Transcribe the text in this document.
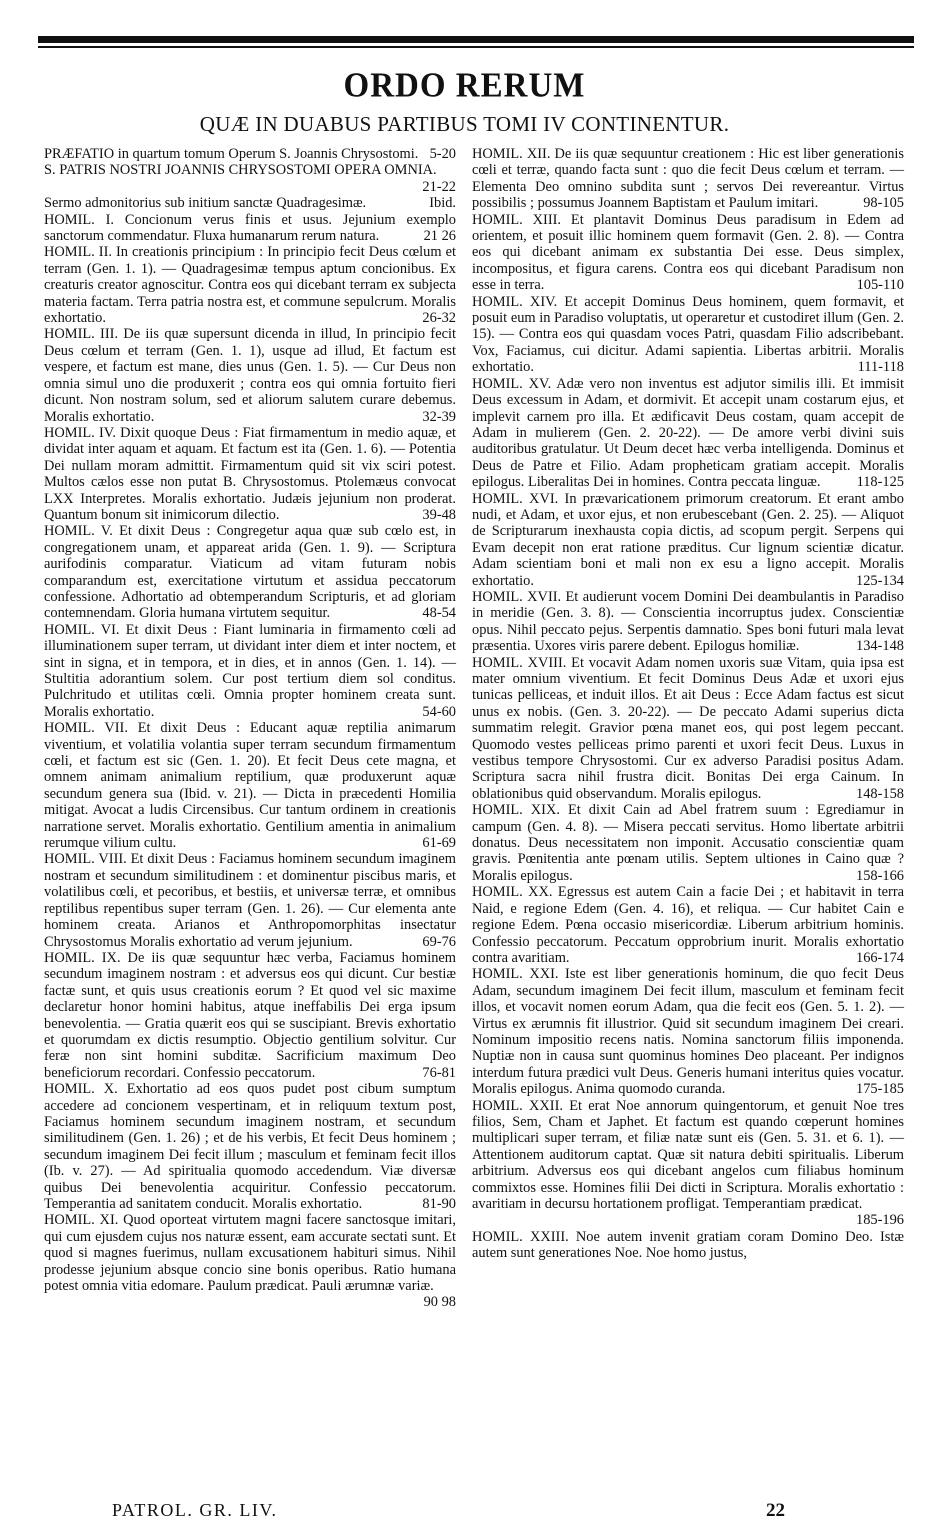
ORDO RERUM
QUÆ IN DUABUS PARTIBUS TOMI IV CONTINENTUR.

PRÆFATIO in quartum tomum Operum S. Joannis Chrysostomi. 5-20

S. PATRIS NOSTRI JOANNIS CHRYSOSTOMI OPERA OMNIA.
21-22

Sermo admonitorius sub initium sanctæ Quadragesimæ.	Ibid.

HOMIL. I. Concionum verus finis et usus. Jejunium exemplo sanctorum commendatur. Fluxa humanarum rerum natura.	21 26

HOMIL. II. In creationis principium : In principio fecit Deus cœlum et terram (Gen. 1. 1). — Quadragesimæ tempus aptum concionibus. Ex creaturis creator agnoscitur. Contra eos qui dicebant terram ex subjecta materia factam. Terra patria nostra est, et commune sepulcrum. Moralis exhortatio.	26-32

HOMIL. III. De iis quæ supersunt dicenda in illud, In principio fecit Deus cœlum et terram (Gen. 1. 1), usque ad illud, Et factum est vespere, et factum est mane, dies unus (Gen. 1. 5). — Cur Deus non omnia simul uno die produxerit ; contra eos qui omnia fortuito fieri dicunt. Non nostram solum, sed et aliorum salutem curare debemus. Moralis exhortatio.	32-39

HOMIL. IV. Dixit quoque Deus : Fiat firmamentum in medio aquæ, et dividat inter aquam et aquam. Et factum est ita (Gen. 1. 6). — Potentia Dei nullam moram admittit. Firmamentum quid sit vix sciri potest. Multos cælos esse non putat B. Chrysostomus. Ptolemæus convocat LXX Interpretes. Moralis exhortatio. Judæis jejunium non proderat. Quantum bonum sit inimicorum dilectio.	39-48

HOMIL. V. Et dixit Deus : Congregetur aqua quæ sub cœlo est, in congregationem unam, et appareat arida (Gen. 1. 9). — Scriptura aurifodinis comparatur. Viaticum ad vitam futuram nobis comparandum est, exercitatione virtutum et assidua peccatorum confessione. Adhortatio ad obtemperandum Scripturis, et ad gloriam contemnendam. Gloria humana virtutem sequitur.	48-54

HOMIL. VI. Et dixit Deus : Fiant luminaria in firmamento cœli ad illuminationem super terram, ut dividant inter diem et inter noctem, et sint in signa, et in tempora, et in dies, et in annos (Gen. 1. 14). — Stultitia adorantium solem. Cur post tertium diem sol conditus. Pulchritudo et utilitas cœli. Omnia propter hominem creata sunt. Moralis exhortatio.	54-60

HOMIL. VII. Et dixit Deus : Educant aquæ reptilia animarum viventium, et volatilia volantia super terram secundum firmamentum cœli, et factum est sic (Gen. 1. 20). Et fecit Deus cete magna, et omnem animam animalium reptilium, quæ produxerunt aquæ secundum genera sua (Ibid. v. 21). — Dicta in præcedenti Homilia mitigat. Avocat a ludis Circensibus. Cur tantum ordinem in creationis narratione servet. Moralis exhortatio. Gentilium amentia in animalium rerumque vilium cultu.	61-69

HOMIL. VIII. Et dixit Deus : Faciamus hominem secundum imaginem nostram et secundum similitudinem : et dominentur piscibus maris, et volatilibus cœli, et pecoribus, et bestiis, et universæ terræ, et omnibus reptilibus repentibus super terram (Gen. 1. 26). — Cur elementa ante hominem creata. Arianos et Anthropomorphitas insectatur Chrysostomus Moralis exhortatio ad verum jejunium.	69-76

HOMIL. IX. De iis quæ sequuntur hæc verba, Faciamus hominem secundum imaginem nostram : et adversus eos qui dicunt. Cur bestiæ factæ sunt, et quis usus creationis eorum ? Et quod vel sic maxime declaretur honor homini habitus, atque ineffabilis Dei erga ipsum benevolentia. — Gratia quærit eos qui se suscipiant. Brevis exhortatio et quorumdam ex dictis resumptio. Objectio gentilium solvitur. Cur feræ non sint homini subditæ. Sacrificium maximum Deo beneficiorum recordari. Confessio peccatorum.	76-81

HOMIL. X. Exhortatio ad eos quos pudet post cibum sumptum accedere ad concionem vespertinam, et in reliquum textum post, Faciamus hominem secundum imaginem nostram, et secundum similitudinem (Gen. 1. 26) ; et de his verbis, Et fecit Deus hominem ; secundum imaginem Dei fecit illum ; masculum et feminam fecit illos (Ib. v. 27). — Ad spiritualia quomodo accedendum. Viæ diversæ quibus Dei benevolentia acquiritur. Confessio peccatorum. Temperantia ad sanitatem conducit. Moralis exhortatio.	81-90

HOMIL. XI. Quod oporteat virtutem magni facere sanctosque imitari, qui cum ejusdem cujus nos naturæ essent, eam accurate sectati sunt. Et quod si magnes fuerimus, nullam excusationem habituri simus. Nihil prodesse jejunium absque concio sine bonis operibus. Ratio humana potest omnia vitia edomare. Paulum prædicat. Pauli ærumnæ variæ.
90 98

HOMIL. XII. De iis quæ sequuntur creationem : Hic est liber generationis cœli et terræ, quando facta sunt : quo die fecit Deus cœlum et terram. — Elementa Deo omnino subdita sunt ; servos Dei revereantur. Virtus possibilis ; possumus Joannem Baptistam et Paulum imitari.	98-105

HOMIL. XIII. Et plantavit Dominus Deus paradisum in Edem ad orientem, et posuit illic hominem quem formavit (Gen. 2. 8). — Contra eos qui dicebant animam ex substantia Dei esse. Deus simplex, incompositus, et figura carens. Contra eos qui dicebant Paradisum non esse in terra.	105-110

HOMIL. XIV. Et accepit Dominus Deus hominem, quem formavit, et posuit eum in Paradiso voluptatis, ut operaretur et custodiret illum (Gen. 2. 15). — Contra eos qui quasdam voces Patri, quasdam Filio adscribebant. Vox, Faciamus, cui dicitur. Adami sapientia. Libertas arbitrii. Moralis exhortatio.	111-118

HOMIL. XV. Adæ vero non inventus est adjutor similis illi. Et immisit Deus excessum in Adam, et dormivit. Et accepit unam costarum ejus, et implevit carnem pro illa. Et ædificavit Deus costam, quam accepit de Adam in mulierem (Gen. 2. 20-22). — De amore verbi divini suis auditoribus gratulatur. Ut Deum decet hæc verba intelligenda. Dominus et Deus de Patre et Filio. Adam propheticam gratiam accepit. Moralis epilogus. Liberalitas Dei in homines. Contra peccata linguæ.	118-125

HOMIL. XVI. In prævaricationem primorum creatorum. Et erant ambo nudi, et Adam, et uxor ejus, et non erubescebant (Gen. 2. 25). — Aliquot de Scripturarum inexhausta copia dictis, ad scopum pergit. Serpens qui Evam decepit non erat ratione præditus. Cur lignum scientiæ dicatur. Adam scientiam boni et mali non ex esu a ligno accepit. Moralis exhortatio.	125-134

HOMIL. XVII. Et audierunt vocem Domini Dei deambulantis in Paradiso in meridie (Gen. 3. 8). — Conscientia incorruptus judex. Conscientiæ opus. Nihil peccato pejus. Serpentis damnatio. Spes boni futuri mala levat præsentia. Uxores viris parere debent. Epilogus homiliæ.	134-148

HOMIL. XVIII. Et vocavit Adam nomen uxoris suæ Vitam, quia ipsa est mater omnium viventium. Et fecit Dominus Deus Adæ et uxori ejus tunicas pelliceas, et induit illos. Et ait Deus : Ecce Adam factus est sicut unus ex nobis. (Gen. 3. 20-22). — De peccato Adami superius dicta summatim relegit. Gravior pœna manet eos, qui post legem peccant. Quomodo vestes pelliceas primo parenti et uxori fecit Deus. Luxus in vestibus tempore Chrysostomi. Cur ex adverso Paradisi positus Adam. Scriptura sacra nihil frustra dicit. Bonitas Dei erga Cainum. In oblationibus quid observandum. Moralis epilogus.	148-158

HOMIL. XIX. Et dixit Cain ad Abel fratrem suum : Egrediamur in campum (Gen. 4. 8). — Misera peccati servitus. Homo libertate arbitrii donatus. Deus necessitatem non imponit. Accusatio conscientiæ quam gravis. Pœnitentia ante pœnam utilis. Septem ultiones in Caino quæ ? Moralis epilogus.	158-166

HOMIL. XX. Egressus est autem Cain a facie Dei ; et habitavit in terra Naid, e regione Edem (Gen. 4. 16), et reliqua. — Cur habitet Cain e regione Edem. Pœna occasio misericordiæ. Liberum arbitrium hominis. Confessio peccatorum. Peccatum opprobrium inurit. Moralis exhortatio contra avaritiam.	166-174

HOMIL. XXI. Iste est liber generationis hominum, die quo fecit Deus Adam, secundum imaginem Dei fecit illum, masculum et feminam fecit illos, et vocavit nomen eorum Adam, qua die fecit eos (Gen. 5. 1. 2). — Virtus ex ærumnis fit illustrior. Quid sit secundum imaginem Dei creari. Nominum impositio recens natis. Nomina sanctorum filiis imponenda. Nuptiæ non in causa sunt quominus homines Deo placeant. Per indignos interdum futura prædici vult Deus. Generis humani interitus quies vocatur. Moralis epilogus. Anima quomodo curanda.	175-185

HOMIL. XXII. Et erat Noe annorum quingentorum, et genuit Noe tres filios, Sem, Cham et Japhet. Et factum est quando cœperunt homines multiplicari super terram, et filiæ natæ sunt eis (Gen. 5. 31. et 6. 1). — Attentionem auditorum captat. Quæ sit natura debiti spiritualis. Liberum arbitrium. Adversus eos qui dicebant angelos cum filiabus hominum commixtos esse. Homines filii Dei dicti in Scriptura. Moralis exhortatio : avaritiam in decursu hortationem profligat. Temperantiam prædicat.
185-196

HOMIL. XXIII. Noe autem invenit gratiam coram Domino Deo. Istæ autem sunt generationes Noe. Noe homo justus,

PATROL. GR. LIV.	22
